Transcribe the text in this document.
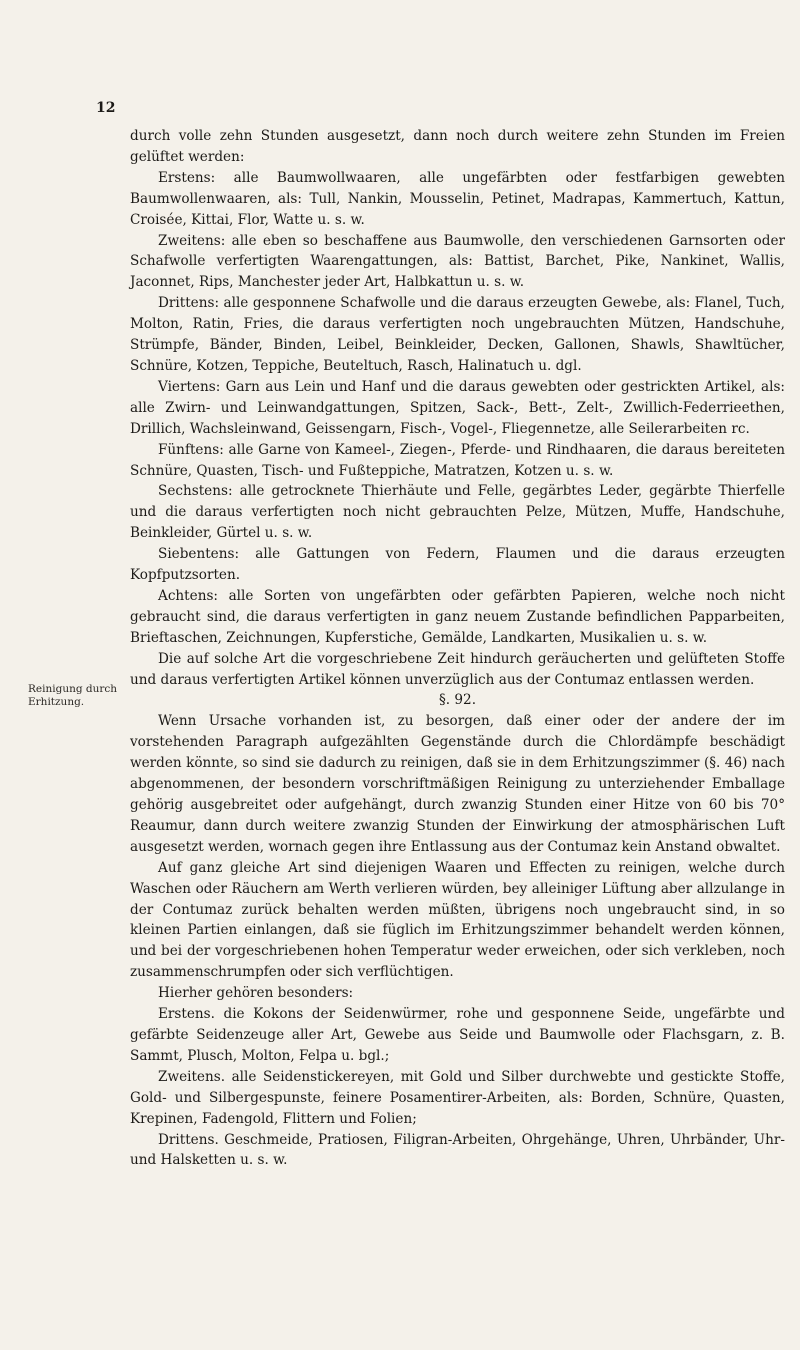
12
Reinigung durch Erhitzung.

durch volle zehn Stunden ausgesetzt, dann noch durch weitere zehn Stunden im Freien gelüftet werden:

Erstens: alle Baumwollwaaren, alle ungefärbten oder festfarbigen gewebten Baumwollenwaaren, als: Tull, Nankin, Mousselin, Petinet, Madrapas, Kammertuch, Kattun, Croisée, Kittai, Flor, Watte u. s. w.

Zweitens: alle eben so beschaffene aus Baumwolle, den verschiedenen Garnsorten oder Schafwolle verfertigten Waarengattungen, als: Battist, Barchet, Pike, Nankinet, Wallis, Jaconnet, Rips, Manchester jeder Art, Halbkattun u. s. w.

Drittens: alle gesponnene Schafwolle und die daraus erzeugten Gewebe, als: Flanel, Tuch, Molton, Ratin, Fries, die daraus verfertigten noch ungebrauchten Mützen, Handschuhe, Strümpfe, Bänder, Binden, Leibel, Beinkleider, Decken, Gallonen, Shawls, Shawltücher, Schnüre, Kotzen, Teppiche, Beuteltuch, Rasch, Halinatuch u. dgl.

Viertens: Garn aus Lein und Hanf und die daraus gewebten oder gestrickten Artikel, als: alle Zwirn- und Leinwandgattungen, Spitzen, Sack-, Bett-, Zelt-, Zwillich-Federrieethen, Drillich, Wachsleinwand, Geissengarn, Fisch-, Vogel-, Fliegennetze, alle Seilerarbeiten rc.

Fünftens: alle Garne von Kameel-, Ziegen-, Pferde- und Rindhaaren, die daraus bereiteten Schnüre, Quasten, Tisch- und Fußteppiche, Matratzen, Kotzen u. s. w.

Sechstens: alle getrocknete Thierhäute und Felle, gegärbtes Leder, gegärbte Thierfelle und die daraus verfertigten noch nicht gebrauchten Pelze, Mützen, Muffe, Handschuhe, Beinkleider, Gürtel u. s. w.

Siebentens: alle Gattungen von Federn, Flaumen und die daraus erzeugten Kopfputzsorten.

Achtens: alle Sorten von ungefärbten oder gefärbten Papieren, welche noch nicht gebraucht sind, die daraus verfertigten in ganz neuem Zustande befindlichen Papparbeiten, Brieftaschen, Zeichnungen, Kupferstiche, Gemälde, Landkarten, Musikalien u. s. w.

Die auf solche Art die vorgeschriebene Zeit hindurch geräucherten und gelüfteten Stoffe und daraus verfertigten Artikel können unverzüglich aus der Contumaz entlassen werden.

§. 92.

Wenn Ursache vorhanden ist, zu besorgen, daß einer oder der andere der im vorstehenden Paragraph aufgezählten Gegenstände durch die Chlordämpfe beschädigt werden könnte, so sind sie dadurch zu reinigen, daß sie in dem Erhitzungszimmer (§. 46) nach abgenommenen, der besondern vorschriftmäßigen Reinigung zu unterziehender Emballage gehörig ausgebreitet oder aufgehängt, durch zwanzig Stunden einer Hitze von 60 bis 70° Reaumur, dann durch weitere zwanzig Stunden der Einwirkung der atmosphärischen Luft ausgesetzt werden, wornach gegen ihre Entlassung aus der Contumaz kein Anstand obwaltet.

Auf ganz gleiche Art sind diejenigen Waaren und Effecten zu reinigen, welche durch Waschen oder Räuchern am Werth verlieren würden, bey alleiniger Lüftung aber allzulange in der Contumaz zurück behalten werden müßten, übrigens noch ungebraucht sind, in so kleinen Partien einlangen, daß sie füglich im Erhitzungszimmer behandelt werden können, und bei der vorgeschriebenen hohen Temperatur weder erweichen, oder sich verkleben, noch zusammenschrumpfen oder sich verflüchtigen.

Hierher gehören besonders:

Erstens. die Kokons der Seidenwürmer, rohe und gesponnene Seide, ungefärbte und gefärbte Seidenzeuge aller Art, Gewebe aus Seide und Baumwolle oder Flachsgarn, z. B. Sammt, Plusch, Molton, Felpa u. bgl.;

Zweitens. alle Seidenstickereyen, mit Gold und Silber durchwebte und gestickte Stoffe, Gold- und Silbergespunste, feinere Posamentirer-Arbeiten, als: Borden, Schnüre, Quasten, Krepinen, Fadengold, Flittern und Folien;

Drittens. Geschmeide, Pratiosen, Filigran-Arbeiten, Ohrgehänge, Uhren, Uhrbänder, Uhr- und Halsketten u. s. w.
